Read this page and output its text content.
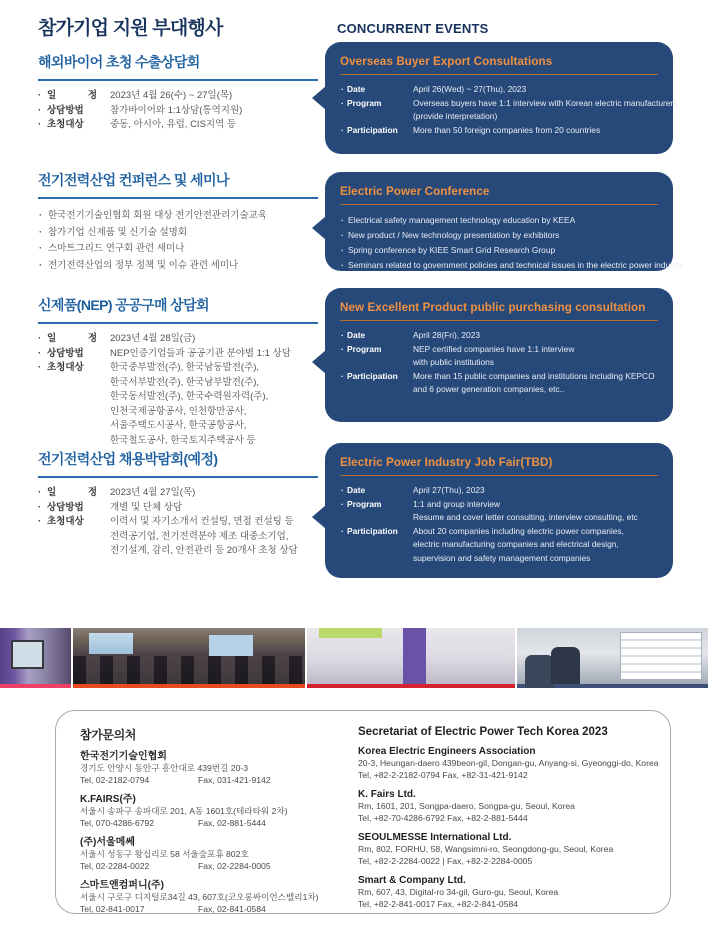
참가기업 지원 부대행사	CONCURRENT EVENTS
해외바이어 초청 수출상담회
· 일 정 2023년 4월 26(수) ~ 27일(목)
· 상담방법	참가바이어와 1:1상담(통역지원)
· 초청대상	중동, 아시아, 유럽, CIS지역 등
Overseas Buyer Export Consultations
· Date	April 26(Wed) ~ 27(Thu), 2023
· Program	Overseas buyers have 1:1 interview with Korean electric manufacturers
(provide interpretation)
· Participation	More than 50 foreign companies from 20 countries
전기전력산업 컨퍼런스 및 세미나
· 한국전기기술인협회 회원 대상 전기안전관리기술교육
· 참가기업 신제품 및 신기술 설명회
· 스마트그리드 연구회 관련 세미나
· 전기전력산업의 정부 정책 및 이슈 관련 세미나
Electric Power Conference
· Electrical safety management technology education by KEEA
· New product / New technology presentation by exhibitors
· Spring conference by KIEE Smart Grid Research Group
· Seminars related to government policies and technical issues in the electric power industry
신제품(NEP) 공공구매 상담회
· 일 정 2023년 4월 28일(금)
· 상담방법	NEP인증기업들과 공공기관 분야별 1:1 상담
· 초청대상	한국중부발전(주), 한국남동발전(주),
한국서부발전(주), 한국남부발전(주),
한국동서발전(주), 한국수력원자력(주),
인천국제공항공사, 인천항만공사,
서울주택도시공사, 한국공항공사,
한국철도공사, 한국토지주택공사 등
New Excellent Product public purchasing consultation
· Date	April 28(Fri), 2023
· Program	NEP certified companies have 1:1 interview
with public institutions
· Participation	More than 15 public companies and institutions including KEPCO
and 6 power generation companies, etc..
전기전력산업 채용박람회(예정)
· 일 정 2023년 4월 27일(목)
· 상담방법	개별 및 단체 상담
· 초청대상	이력서 및 자기소개서 컨설팅, 면접 컨설팅 등
전력공기업, 전기전력분야 제조 대중소기업,
전기설계, 감리, 안전관리 등 20개사 초청 상담
Electric Power Industry Job Fair(TBD)
· Date	April 27(Thu), 2023
· Program	1:1 and group interview
Resume and cover letter consulting, interview consulting, etc
· Participation	About 20 companies including electric power companies,
electric manufacturing companies and electrical design,
supervision and safety management companies
참가문의처
한국전기기술인협회
경기도 안양시 동안구 흥안대로 439번길 20-3
Tel, 02-2182-0794	Fax, 031-421-9142
K.FAIRS(주)
서울시 송파구 송파대로 201, A동 1601호(테라타워 2차)
Tel, 070-4286-6792	Fax, 02-881-5444
(주)서울메쎄
서울시 성동구 왕십리로 58 서울숲포휴 802호
Tel, 02-2284-0022	Fax, 02-2284-0005
스마트앤컴퍼니(주)
서울시 구로구 디지털로34길 43, 607호(코오롱싸이언스밸리1차)
Tel, 02-841-0017	Fax, 02-841-0584
Secretariat of Electric Power Tech Korea 2023
Korea Electric Engineers Association
20-3, Heungan-daero 439beon-gil, Dongan-gu, Anyang-si, Gyeonggi-do, Korea
Tel, +82-2-2182-0794 Fax, +82-31-421-9142
K. Fairs Ltd.
Rm, 1601, 201, Songpa-daero, Songpa-gu, Seoul, Korea
Tel, +82-70-4286-6792 Fax, +82-2-881-5444
SEOULMESSE International Ltd.
Rm, 802, FORHU, 58, Wangsimni-ro, Seongdong-gu, Seoul, Korea
Tel, +82-2-2284-0022 | Fax, +82-2-2284-0005
Smart & Company Ltd.
Rm, 607, 43, Digital-ro 34-gil, Guro-gu, Seoul, Korea
Tel, +82-2-841-0017 Fax, +82-2-841-0584
